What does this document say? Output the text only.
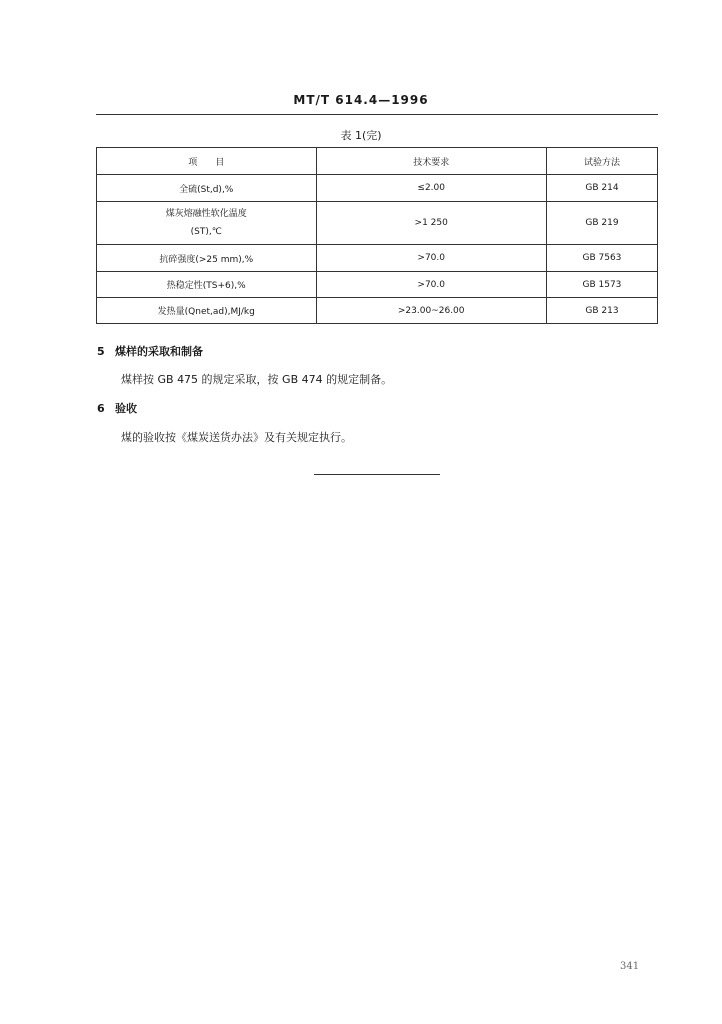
MT/T 614.4—1996
表 1(完)
项　　目	技术要求	试验方法
全硫(St,d),%	≤2.00	GB 214
煤灰熔融性软化温度
(ST),℃	>1 250	GB 219
抗碎强度(>25 mm),%	>70.0	GB 7563
热稳定性(TS+6),%	>70.0	GB 1573
发热量(Qnet,ad),MJ/kg	>23.00~26.00	GB 213
5 煤样的采取和制备
煤样按 GB 475 的规定采取，按 GB 474 的规定制备。
6 验收
煤的验收按《煤炭送货办法》及有关规定执行。
341
